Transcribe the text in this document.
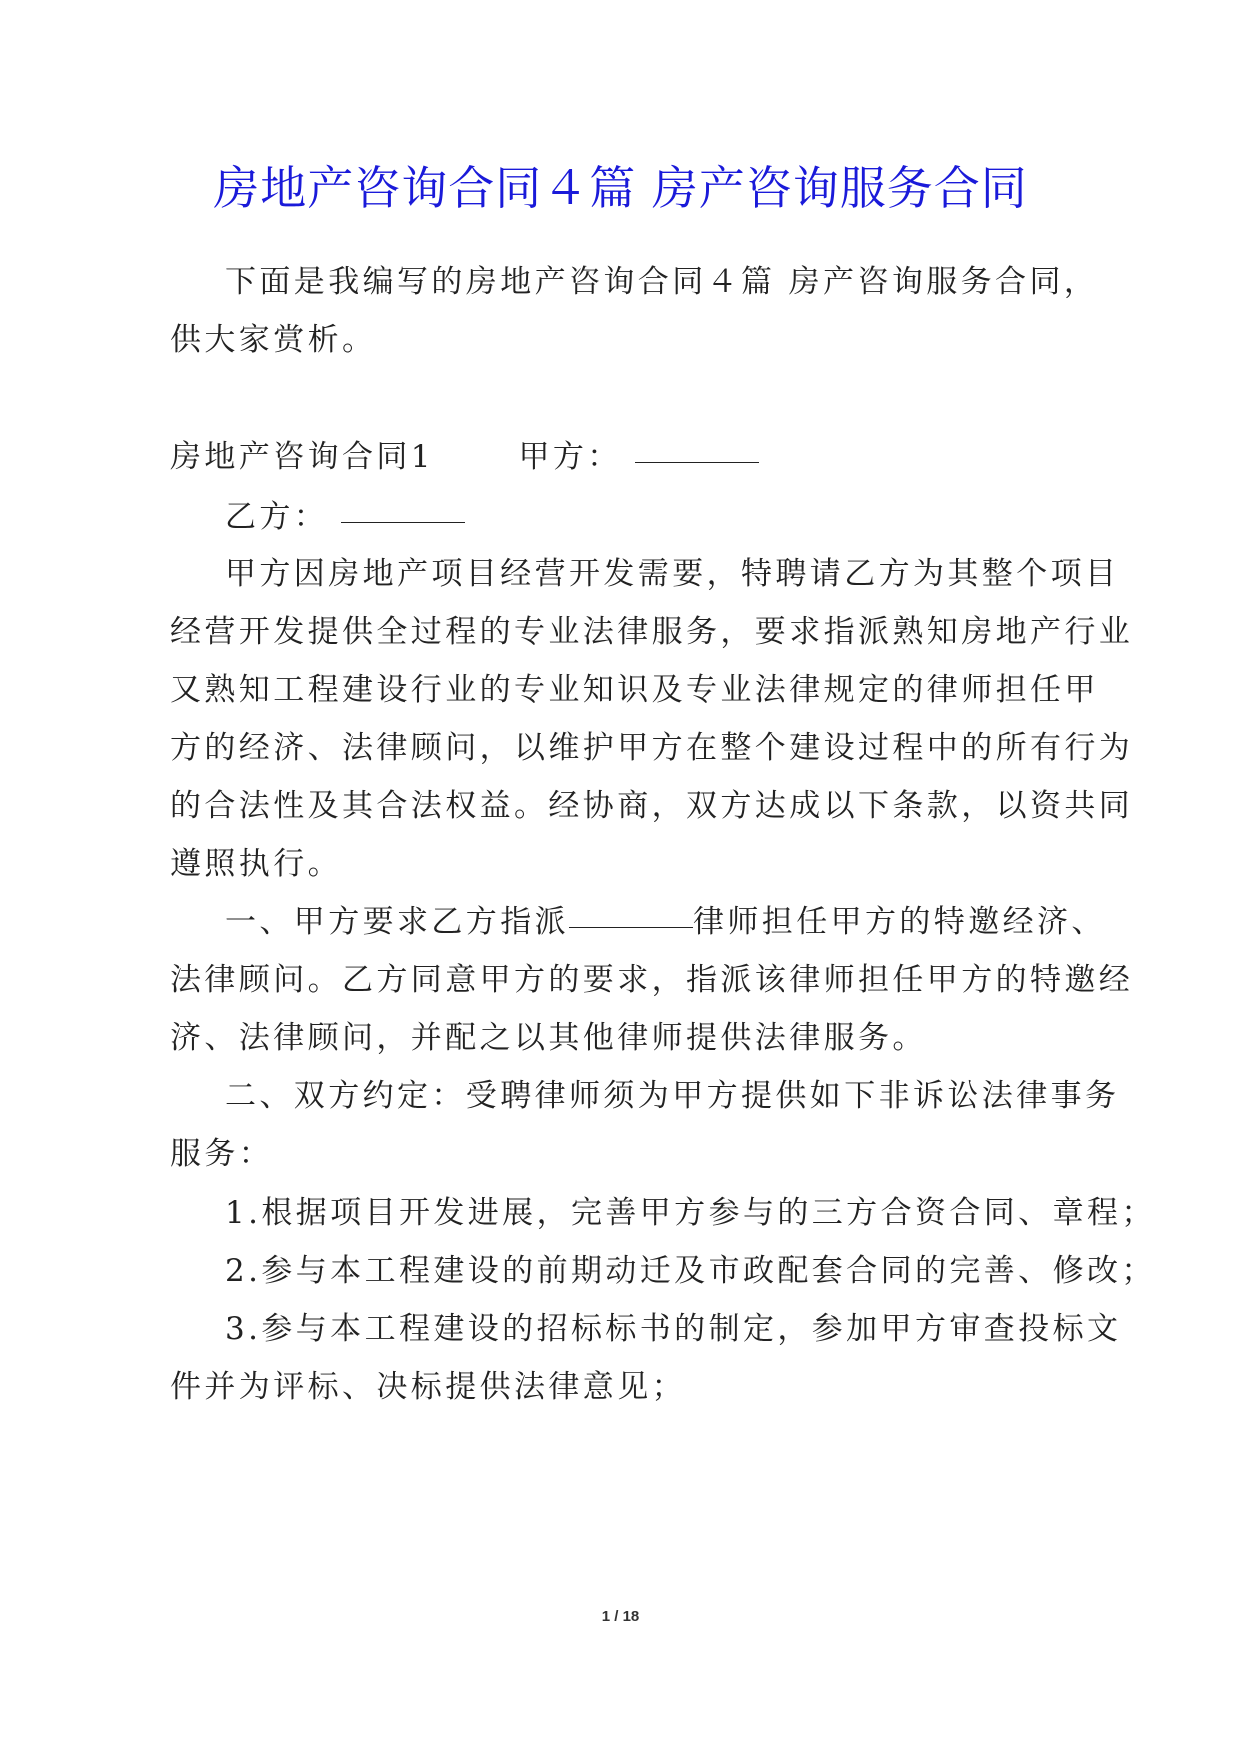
房地产咨询合同４篇 房产咨询服务合同
下面是我编写的房地产咨询合同４篇 房产咨询服务合同，
供大家赏析。
房地产咨询合同1	甲方：
乙方：
甲方因房地产项目经营开发需要，特聘请乙方为其整个项目
经营开发提供全过程的专业法律服务，要求指派熟知房地产行业
又熟知工程建设行业的专业知识及专业法律规定的律师担任甲
方的经济、法律顾问，以维护甲方在整个建设过程中的所有行为
的合法性及其合法权益。经协商，双方达成以下条款，以资共同
遵照执行。
一、甲方要求乙方指派	律师担任甲方的特邀经济、
法律顾问。乙方同意甲方的要求，指派该律师担任甲方的特邀经
济、法律顾问，并配之以其他律师提供法律服务。
二、双方约定：受聘律师须为甲方提供如下非诉讼法律事务
服务：
1.根据项目开发进展，完善甲方参与的三方合资合同、章程；
2.参与本工程建设的前期动迁及市政配套合同的完善、修改；
3.参与本工程建设的招标标书的制定，参加甲方审查投标文
件并为评标、决标提供法律意见；
1 / 18
